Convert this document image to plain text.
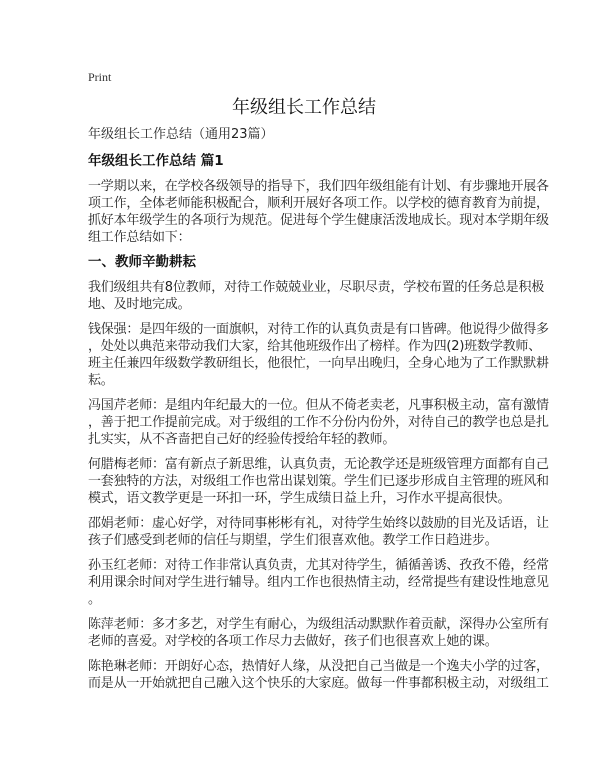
Print
年级组长工作总结
年级组长工作总结（通用23篇）
年级组长工作总结 篇1
一学期以来，在学校各级领导的指导下，我们四年级组能有计划、有步骤地开展各
项工作，全体老师能积极配合，顺利开展好各项工作。以学校的德育教育为前提，
抓好本年级学生的各项行为规范。促进每个学生健康活泼地成长。现对本学期年级
组工作总结如下：
一、教师辛勤耕耘
我们级组共有8位教师，对待工作兢兢业业，尽职尽责，学校布置的任务总是积极
地、及时地完成。
钱保强：是四年级的一面旗帜，对待工作的认真负责是有口皆碑。他说得少做得多
，处处以典范来带动我们大家，给其他班级作出了榜样。作为四(2)班数学教师、
班主任兼四年级数学教研组长，他很忙，一向早出晚归，全身心地为了工作默默耕
耘。
冯国芹老师：是组内年纪最大的一位。但从不倚老卖老，凡事积极主动，富有激情
，善于把工作提前完成。对于级组的工作不分份内份外，对待自己的教学也总是扎
扎实实，从不吝啬把自己好的经验传授给年轻的教师。
何腊梅老师：富有新点子新思维，认真负责，无论教学还是班级管理方面都有自己
一套独特的方法，对级组工作也常出谋划策。学生们已逐步形成自主管理的班风和
模式，语文教学更是一环扣一环，学生成绩日益上升，习作水平提高很快。
邵娟老师：虚心好学，对待同事彬彬有礼，对待学生始终以鼓励的目光及话语，让
孩子们感受到老师的信任与期望，学生们很喜欢他。教学工作日趋进步。
孙玉红老师：对待工作非常认真负责，尤其对待学生，循循善诱、孜孜不倦，经常
利用课余时间对学生进行辅导。组内工作也很热情主动，经常提些有建设性地意见
。
陈萍老师：多才多艺，对学生有耐心，为级组活动默默作着贡献，深得办公室所有
老师的喜爱。对学校的各项工作尽力去做好，孩子们也很喜欢上她的课。
陈艳琳老师：开朗好心态，热情好人缘，从没把自己当做是一个逸夫小学的过客，
而是从一开始就把自己融入这个快乐的大家庭。做每一件事都积极主动，对级组工
